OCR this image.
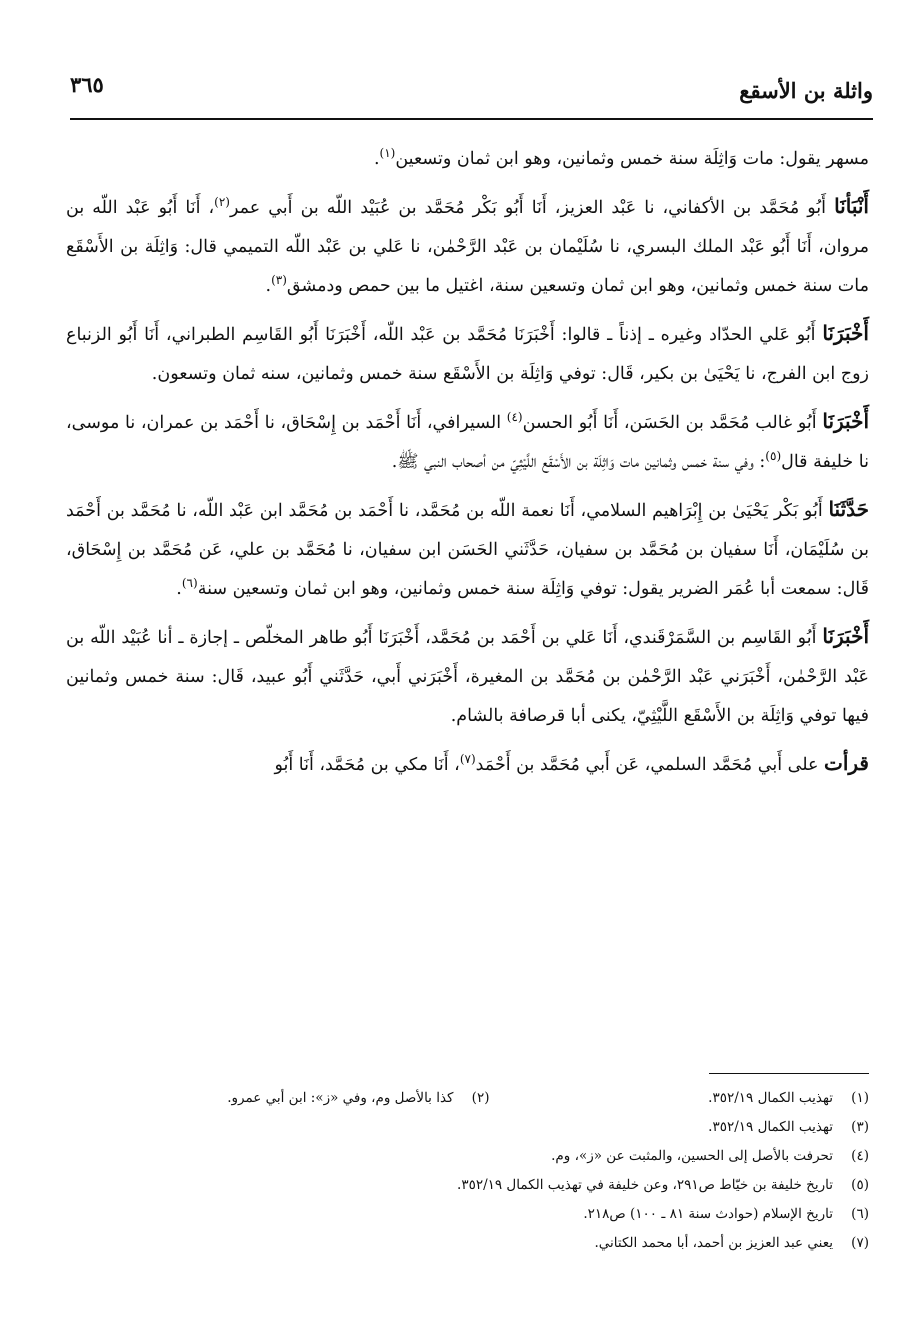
واثلة بن الأسقع
٣٦٥

مسهر يقول: مات وَاثِلَة سنة خمس وثمانين، وهو ابن ثمان وتسعين$^{(١)}$.

أَنْبَأنَا أَبُو مُحَمَّد بن الأكفاني، نا عَبْد العزيز، أَنَا أَبُو بَكْر مُحَمَّد بن عُبَيْد اللّه بن أَبي عمر$^{(٢)}$، أَنَا أَبُو عَبْد اللّه بن مروان، أَنَا أَبُو عَبْد الملك البسري، نا سُلَيْمان بن عَبْد الرَّحْمٰن، نا عَلي بن عَبْد اللّه التميمي قال: وَاثِلَة بن الأَسْقَع مات سنة خمس وثمانين، وهو ابن ثمان وتسعين سنة، اغتيل ما بين حمص ودمشق$^{(٣)}$.

أَخْبَرَنَا أَبُو عَلي الحدّاد وغيره ـ إذناً ـ قالوا: أَخْبَرَنَا مُحَمَّد بن عَبْد اللّه، أَخْبَرَنَا أَبُو القَاسِم الطبراني، أَنَا أَبُو الزنباع زوج ابن الفرج، نا يَحْيَىٰ بن بكير، قَال: توفي وَاثِلَة بن الأَسْقَع سنة خمس وثمانين، سنه ثمان وتسعون.

أَخْبَرَنَا أَبُو غالب مُحَمَّد بن الحَسَن، أَنَا أَبُو الحسن$^{(٤)}$ السيرافي، أَنَا أَحْمَد بن إِسْحَاق، نا أَحْمَد بن عمران، نا موسى، نا خليفة قال$^{(٥)}$: وفي سنة خمس وثمانين مات وَاثِلَة بن الأَسْقَع اللَّيْثِيّ من أصحاب النبي ﷺ.

حَدَّثَنَا أَبُو بَكْر يَحْيَىٰ بن إِبْرَاهيم السلامي، أَنَا نعمة اللّه بن مُحَمَّد، نا أَحْمَد بن مُحَمَّد ابن عَبْد اللّه، نا مُحَمَّد بن أَحْمَد بن سُلَيْمَان، أَنَا سفيان بن مُحَمَّد بن سفيان، حَدَّثَني الحَسَن ابن سفيان، نا مُحَمَّد بن علي، عَن مُحَمَّد بن إِسْحَاق، قَال: سمعت أبا عُمَر الضرير يقول: توفي وَاثِلَة سنة خمس وثمانين، وهو ابن ثمان وتسعين سنة$^{(٦)}$.

أَخْبَرَنَا أَبُو القَاسِم بن السَّمَرْقَندي، أَنَا عَلي بن أَحْمَد بن مُحَمَّد، أَخْبَرَنَا أَبُو طاهر المخلّص ـ إجازة ـ أنا عُبَيْد اللّه بن عَبْد الرَّحْمٰن، أَخْبَرَني عَبْد الرَّحْمٰن بن مُحَمَّد بن المغيرة، أَخْبَرَني أَبي، حَدَّثَني أَبُو عبيد، قَال: سنة خمس وثمانين فيها توفي وَاثِلَة بن الأَسْقَع اللَّيْثِيّ، يكنى أبا قرصافة بالشام.

قرأت على أَبي مُحَمَّد السلمي، عَن أَبي مُحَمَّد بن أَحْمَد$^{(٧)}$، أَنَا مكي بن مُحَمَّد، أَنَا أَبُو

(١)تهذيب الكمال ٣٥٢/١٩.
(٢)كذا بالأصل وم، وفي «ز»: ابن أبي عمرو.
(٣)تهذيب الكمال ٣٥٢/١٩.
(٤)تحرفت بالأصل إلى الحسين، والمثبت عن «ز»، وم.
(٥)تاريخ خليفة بن خيّاط ص٢٩١، وعن خليفة في تهذيب الكمال ٣٥٢/١٩.
(٦)تاريخ الإسلام (حوادث سنة ٨١ ـ ١٠٠) ص٢١٨.
(٧)يعني عبد العزيز بن أحمد، أبا محمد الكتاني.
